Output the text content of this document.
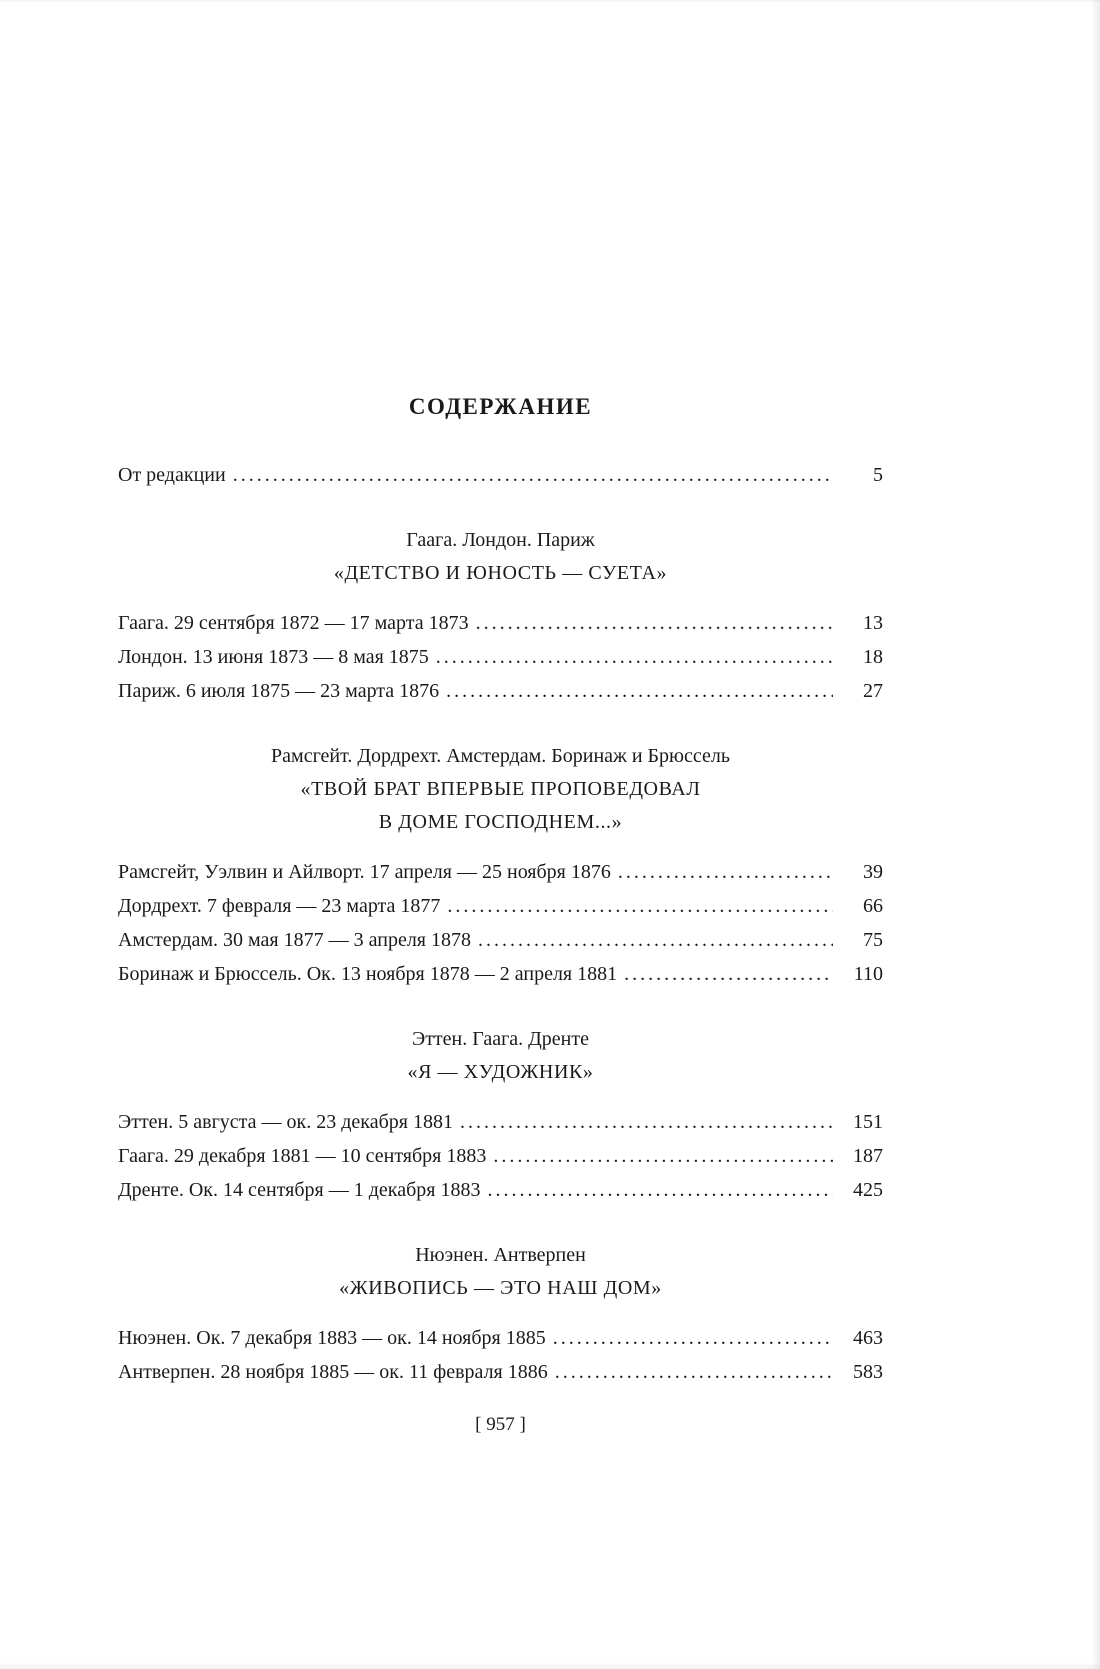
СОДЕРЖАНИЕ
От редакции .....	5
Гаага. Лондон. Париж
«ДЕТСТВО И ЮНОСТЬ — СУЕТА»
Гаага. 29 сентября 1872 — 17 марта 1873 .....	13
Лондон. 13 июня 1873 — 8 мая 1875 .....	18
Париж. 6 июля 1875 — 23 марта 1876 .....	27
Рамсгейт. Дордрехт. Амстердам. Боринаж и Брюссель
«ТВОЙ БРАТ ВПЕРВЫЕ ПРОПОВЕДОВАЛ
В ДОМЕ ГОСПОДНЕМ...»
Рамсгейт, Уэлвин и Айлворт. 17 апреля — 25 ноября 1876 .....	39
Дордрехт. 7 февраля — 23 марта 1877 .....	66
Амстердам. 30 мая 1877 — 3 апреля 1878 .....	75
Боринаж и Брюссель. Ок. 13 ноября 1878 — 2 апреля 1881 .....	110
Эттен. Гаага. Дренте
«Я — ХУДОЖНИК»
Эттен. 5 августа — ок. 23 декабря 1881 .....	151
Гаага. 29 декабря 1881 — 10 сентября 1883 .....	187
Дренте. Ок. 14 сентября — 1 декабря 1883 .....	425
Нюэнен. Антверпен
«ЖИВОПИСЬ — ЭТО НАШ ДОМ»
Нюэнен. Ок. 7 декабря 1883 — ок. 14 ноября 1885 .....	463
Антверпен. 28 ноября 1885 — ок. 11 февраля 1886 .....	583
[ 957 ]
